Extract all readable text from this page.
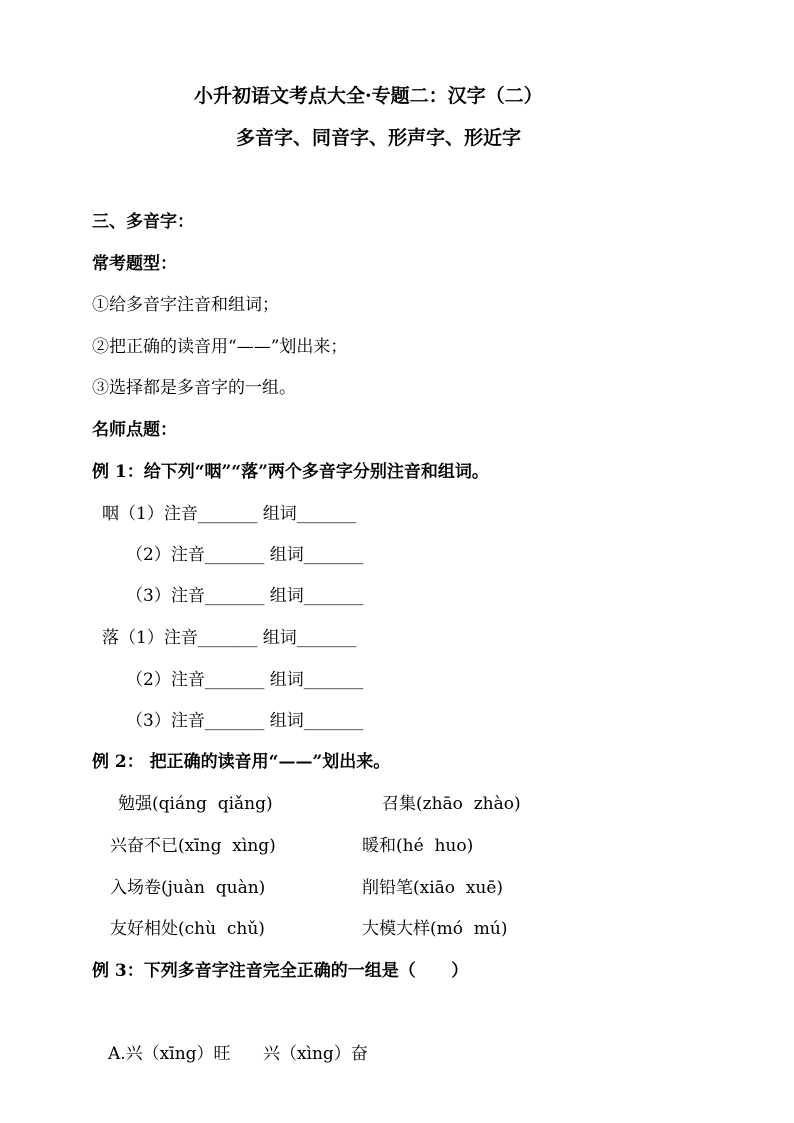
小升初语文考点大全·专题二：汉字（二）
多音字、同音字、形声字、形近字
三、多音字：
常考题型：
①给多音字注音和组词；
②把正确的读音用“——”划出来；
③选择都是多音字的一组。
名师点题：
例 1：给下列“咽”“落”两个多音字分别注音和组词。
咽（1）注音_______ 组词_______
（2）注音_______ 组词_______
（3）注音_______ 组词_______
落（1）注音_______ 组词_______
（2）注音_______ 组词_______
（3）注音_______ 组词_______
例 2： 把正确的读音用“——”划出来。
勉强(qiáng  qiǎng)	召集(zhāo  zhào)
兴奋不已(xīng  xìng)	暖和(hé  huo)
入场卷(juàn  quàn)	削铅笔(xiāo  xuē)
友好相处(chù  chǔ)	大模大样(mó  mú)
例 3：下列多音字注音完全正确的一组是（      ）
A.兴（xīng）旺      兴（xìng）奋
